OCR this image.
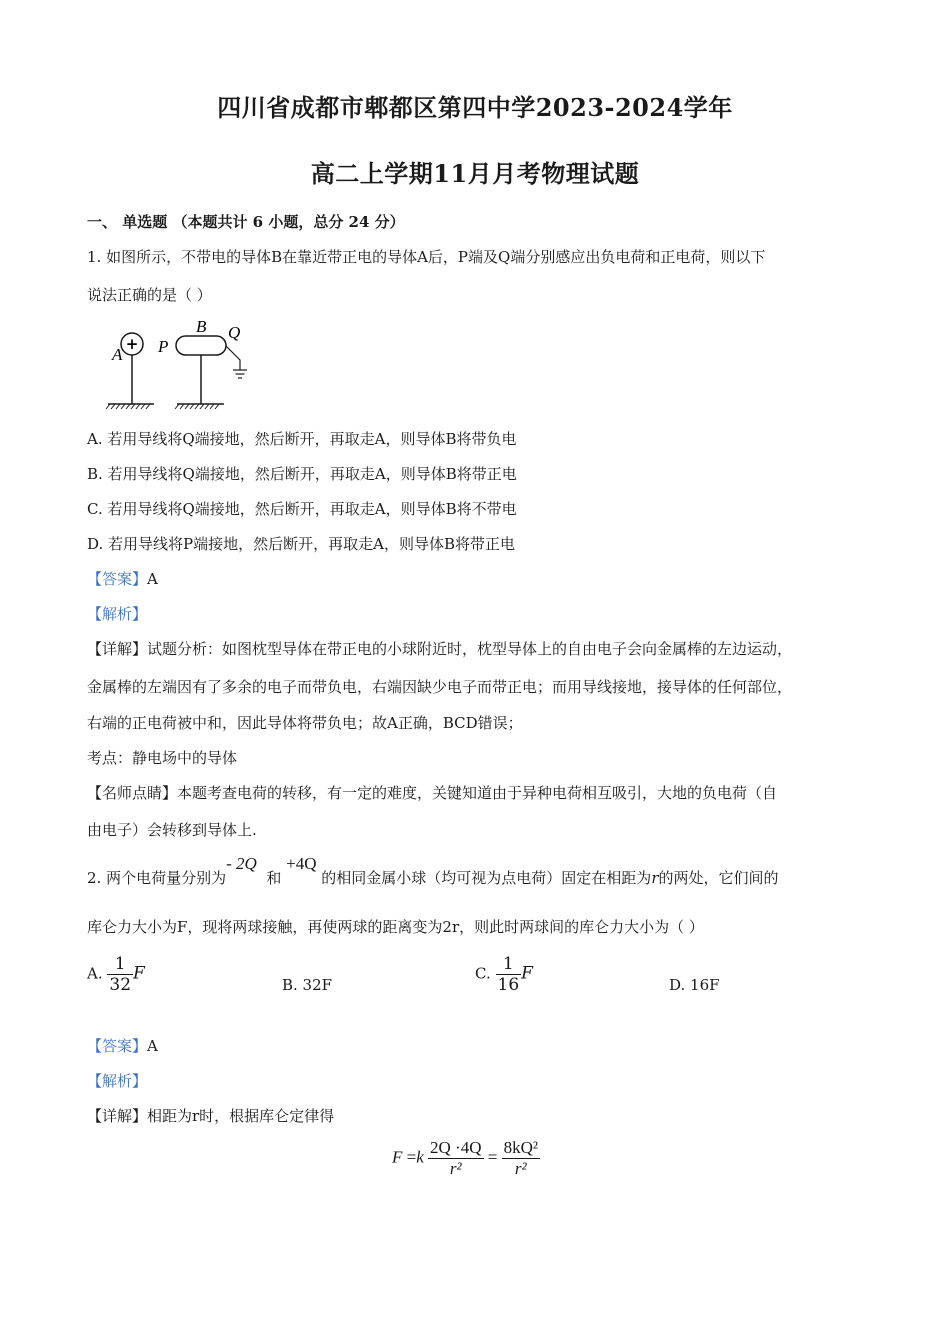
四川省成都市郫都区第四中学2023-2024学年
高二上学期11月月考物理试题
一、 单选题 （本题共计 6 小题，总分 24 分）
1. 如图所示，不带电的导体B在靠近带正电的导体A后，P端及Q端分别感应出负电荷和正电荷，则以下
说法正确的是（ ）
+
A P
B Q
A. 若用导线将Q端接地，然后断开，再取走A，则导体B将带负电
B. 若用导线将Q端接地，然后断开，再取走A，则导体B将带正电
C. 若用导线将Q端接地，然后断开，再取走A，则导体B将不带电
D. 若用导线将P端接地，然后断开，再取走A，则导体B将带正电
【答案】A
【解析】
【详解】试题分析：如图枕型导体在带正电的小球附近时，枕型导体上的自由电子会向金属棒的左边运动，
金属棒的左端因有了多余的电子而带负电，右端因缺少电子而带正电；而用导线接地，接导体的任何部位，
右端的正电荷被中和，因此导体将带负电；故A正确，BCD错误；
考点：静电场中的导体
【名师点睛】本题考查电荷的转移，有一定的难度，关键知道由于异种电荷相互吸引，大地的负电荷（自
由电子）会转移到导体上.
2. 两个电荷量分别为- 2Q  和 +4Q 的相同金属小球（均可视为点电荷）固定在相距为r的两处，它们间的
库仑力大小为F，现将两球接触，再使两球的距离变为2r，则此时两球间的库仑力大小为（ ）
A. $\frac{1}{32}$ F
B. 32F
C. $\frac{1}{16}$ F
D. 16F
【答案】A
【解析】
【详解】相距为r时，根据库仑定律得
$F =k \frac{2Q \cdot 4Q}{\text{r²}} = \frac{\text{8kQ²}}{\text{r²}}$
